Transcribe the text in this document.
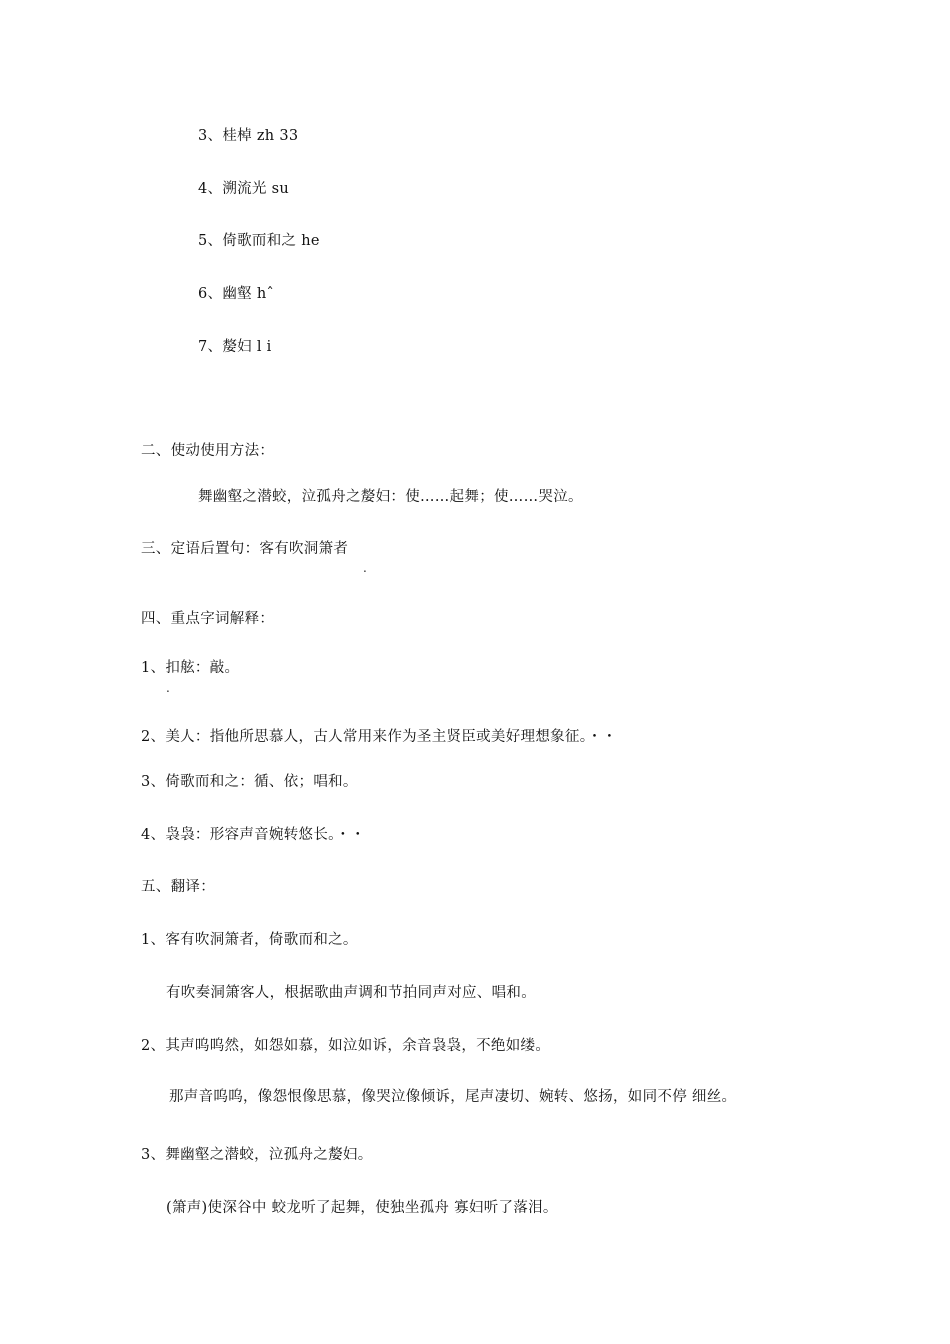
3、桂棹 zh 33
4、溯流光 su
5、倚歌而和之 he
6、幽壑 hˆ
7、嫠妇 l i
二、使动使用方法：
舞幽壑之潜蛟，泣孤舟之嫠妇：使……起舞；使……哭泣。
三、定语后置句：客有吹洞箫者
.
四、重点字词解释：
1、扣舷：敲。
.
2、美人：指他所思慕人，古人常用来作为圣主贤臣或美好理想象征。・・
3、倚歌而和之：循、依；唱和。
4、袅袅：形容声音婉转悠长。・・
五、翻译：
1、客有吹洞箫者，倚歌而和之。
有吹奏洞箫客人，根据歌曲声调和节拍同声对应、唱和。
2、其声呜呜然，如怨如慕，如泣如诉，余音袅袅，不绝如缕。
那声音呜呜，像怨恨像思慕，像哭泣像倾诉，尾声凄切、婉转、悠扬，如同不停 细丝。
3、舞幽壑之潜蛟，泣孤舟之嫠妇。
(箫声)使深谷中 蛟龙听了起舞，使独坐孤舟 寡妇听了落泪。
